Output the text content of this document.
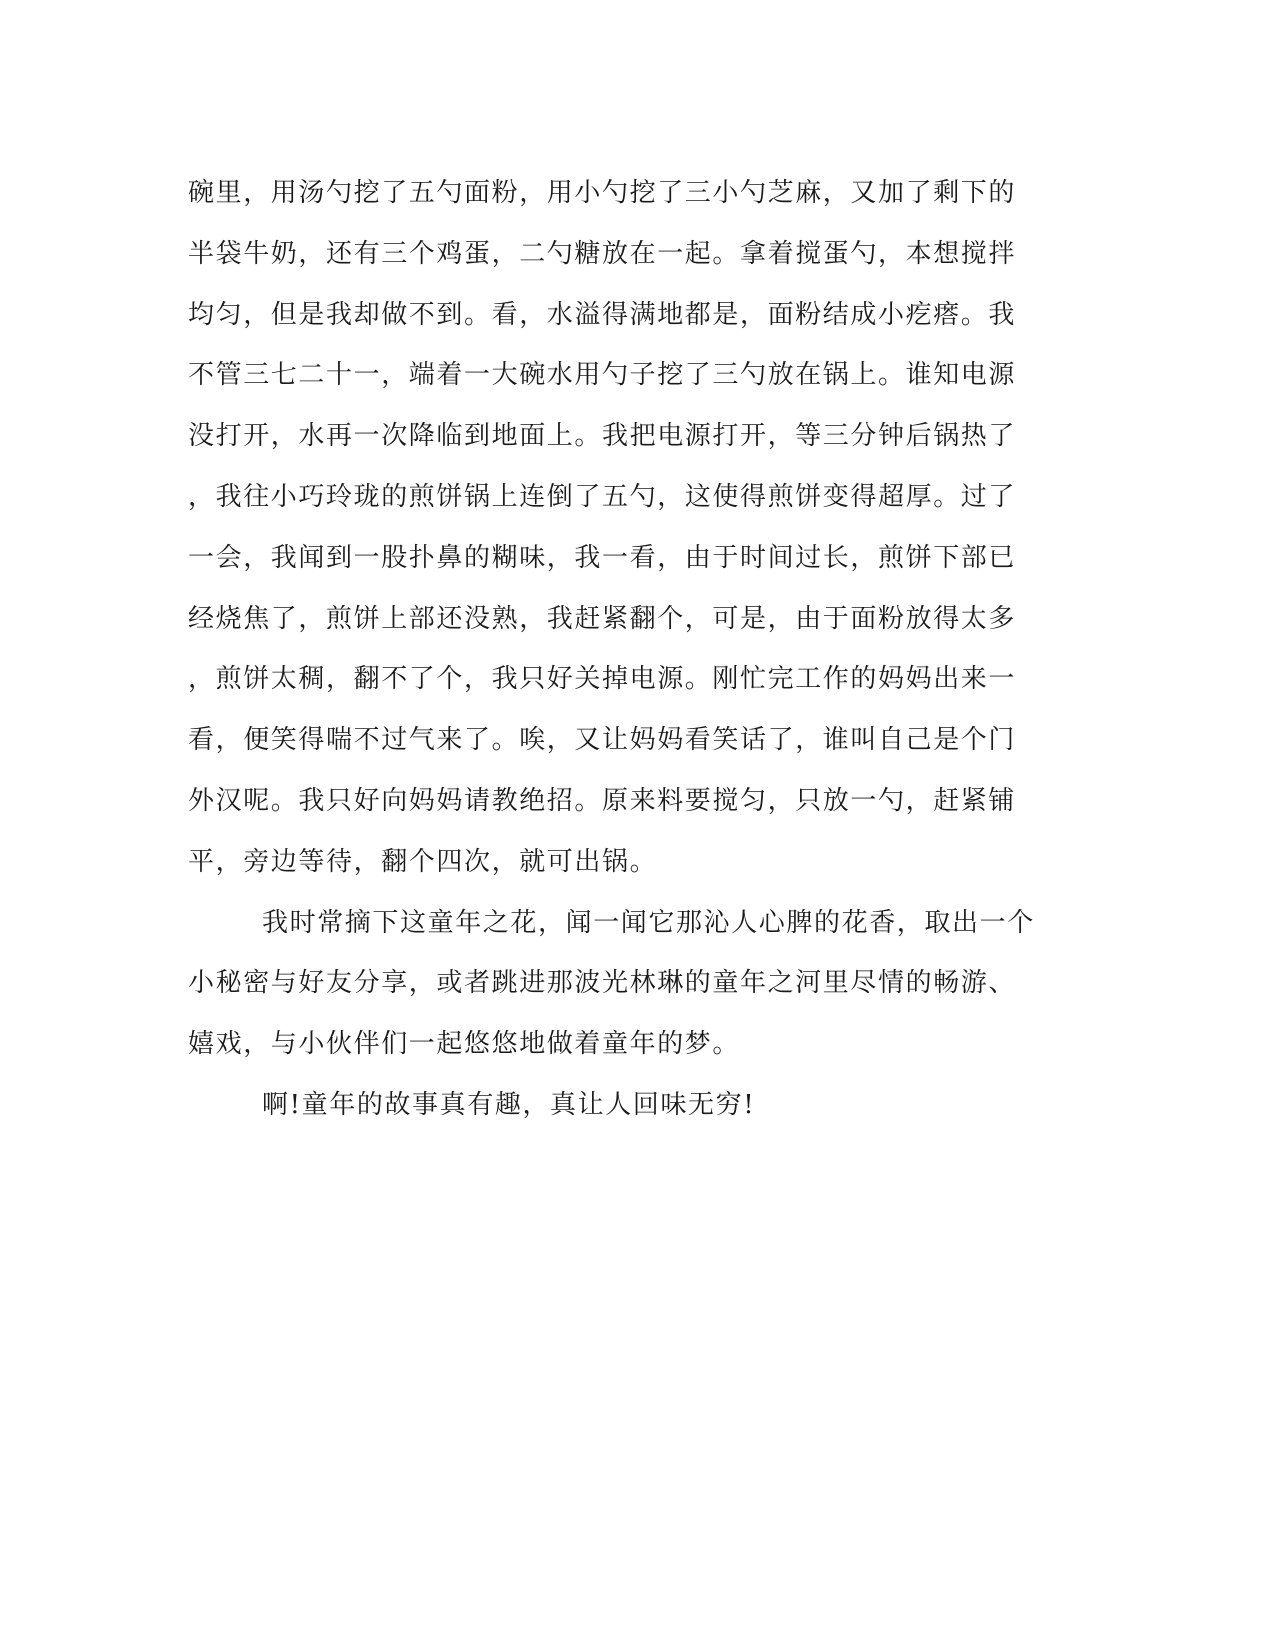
碗里，用汤勺挖了五勺面粉，用小勺挖了三小勺芝麻，又加了剩下的
半袋牛奶，还有三个鸡蛋，二勺糖放在一起。拿着搅蛋勺，本想搅拌
均匀，但是我却做不到。看，水溢得满地都是，面粉结成小疙瘩。我
不管三七二十一，端着一大碗水用勺子挖了三勺放在锅上。谁知电源
没打开，水再一次降临到地面上。我把电源打开，等三分钟后锅热了
，我往小巧玲珑的煎饼锅上连倒了五勺，这使得煎饼变得超厚。过了
一会，我闻到一股扑鼻的糊味，我一看，由于时间过长，煎饼下部已
经烧焦了，煎饼上部还没熟，我赶紧翻个，可是，由于面粉放得太多
，煎饼太稠，翻不了个，我只好关掉电源。刚忙完工作的妈妈出来一
看，便笑得喘不过气来了。唉，又让妈妈看笑话了，谁叫自己是个门
外汉呢。我只好向妈妈请教绝招。原来料要搅匀，只放一勺，赶紧铺
平，旁边等待，翻个四次，就可出锅。
我时常摘下这童年之花，闻一闻它那沁人心脾的花香，取出一个
小秘密与好友分享，或者跳进那波光林琳的童年之河里尽情的畅游、
嬉戏，与小伙伴们一起悠悠地做着童年的梦。
啊!童年的故事真有趣，真让人回味无穷!
